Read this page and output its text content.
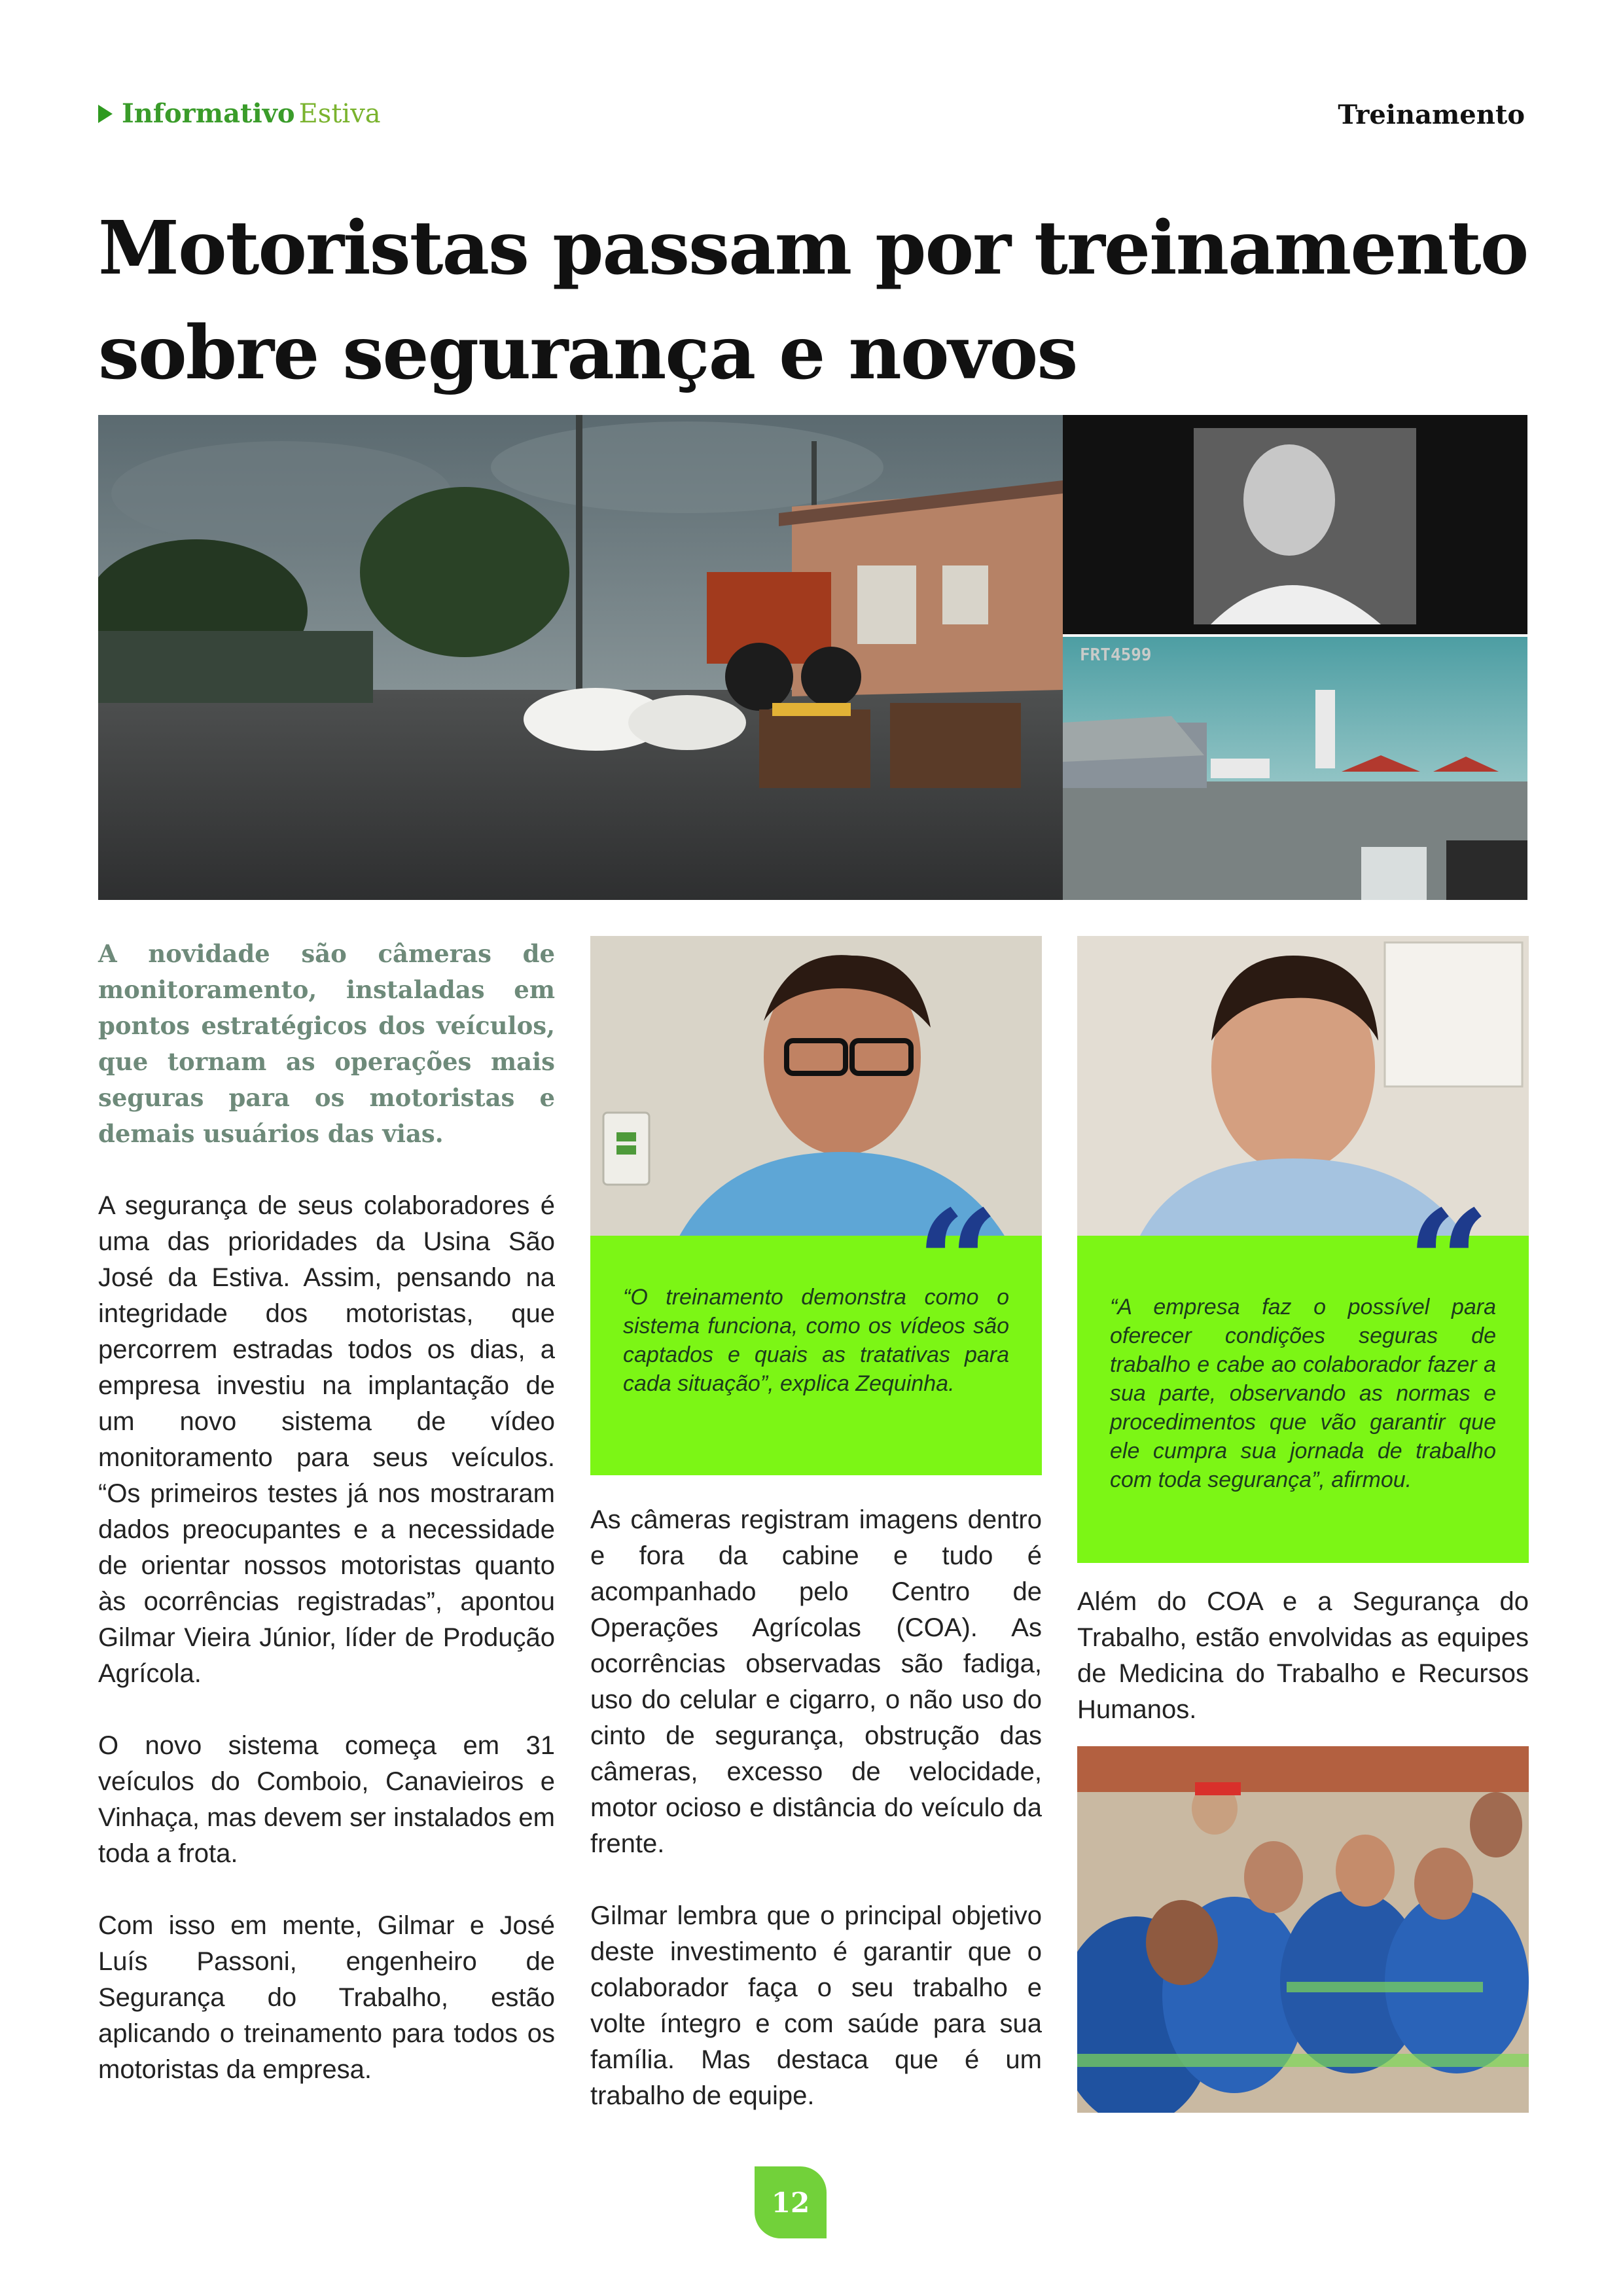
Informativo Estiva	Treinamento
Motoristas passam por treinamento sobre segurança e novos
FRT4599

A novidade são câmeras de monitoramento, instaladas em pontos estratégicos dos veículos, que tornam as operações mais seguras para os motoristas e demais usuários das vias.

A segurança de seus colaboradores é uma das prioridades da Usina São José da Estiva. Assim, pensando na integridade dos motoristas, que percorrem estradas todos os dias, a empresa investiu na implantação de um novo sistema de vídeo monitoramento para seus veículos. “Os primeiros testes já nos mostraram dados preocupantes e a necessidade de orientar nossos motoristas quanto às ocorrências registradas”, apontou Gilmar Vieira Júnior, líder de Produção Agrícola.

O novo sistema começa em 31 veículos do Comboio, Canavieiros e Vinhaça, mas devem ser instalados em toda a frota.

Com isso em mente, Gilmar e José Luís Passoni, engenheiro de Segurança do Trabalho, estão aplicando o treinamento para todos os motoristas da empresa.

“
“O treinamento demonstra como o sistema funciona, como os vídeos são captados e quais as tratativas para cada situação”, explica Zequinha.

As câmeras registram imagens dentro e fora da cabine e tudo é acompanhado pelo Centro de Operações Agrícolas (COA). As ocorrências observadas são fadiga, uso do celular e cigarro, o não uso do cinto de segurança, obstrução das câmeras, excesso de velocidade, motor ocioso e distância do veículo da frente.

Gilmar lembra que o principal objetivo deste investimento é garantir que o colaborador faça o seu trabalho e volte íntegro e com saúde para sua família. Mas destaca que é um trabalho de equipe.

“
“A empresa faz o possível para oferecer condições seguras de trabalho e cabe ao colaborador fazer a sua parte, observando as normas e procedimentos que vão garantir que ele cumpra sua jornada de trabalho com toda segurança”, afirmou.

Além do COA e a Segurança do Trabalho, estão envolvidas as equipes de Medicina do Trabalho e Recursos Humanos.

12
